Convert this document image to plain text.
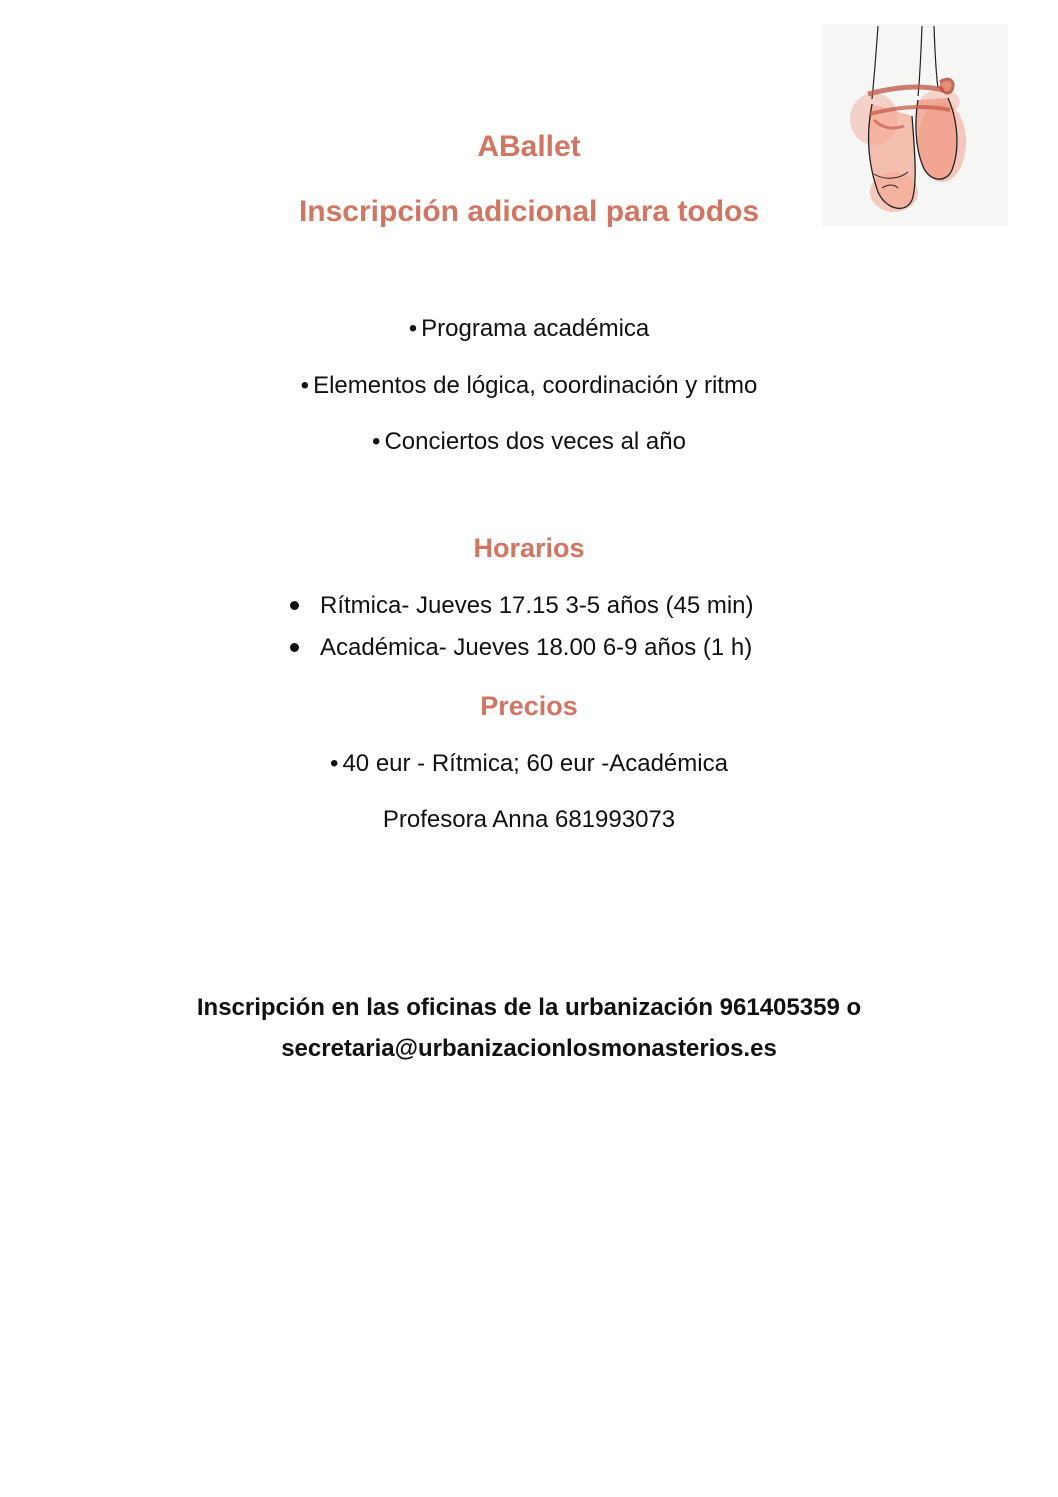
ABallet
Inscripción adicional para todos
• Programa académica
• Elementos de lógica, coordinación y ritmo
• Conciertos dos veces al año
Horarios
Rítmica- Jueves 17.15 3-5 años (45 min)
Académica- Jueves 18.00 6-9 años (1 h)
Precios
• 40 eur - Rítmica; 60 eur -Académica
Profesora Anna 681993073
Inscripción en las oficinas de la urbanización 961405359 o
secretaria@urbanizacionlosmonasterios.es
